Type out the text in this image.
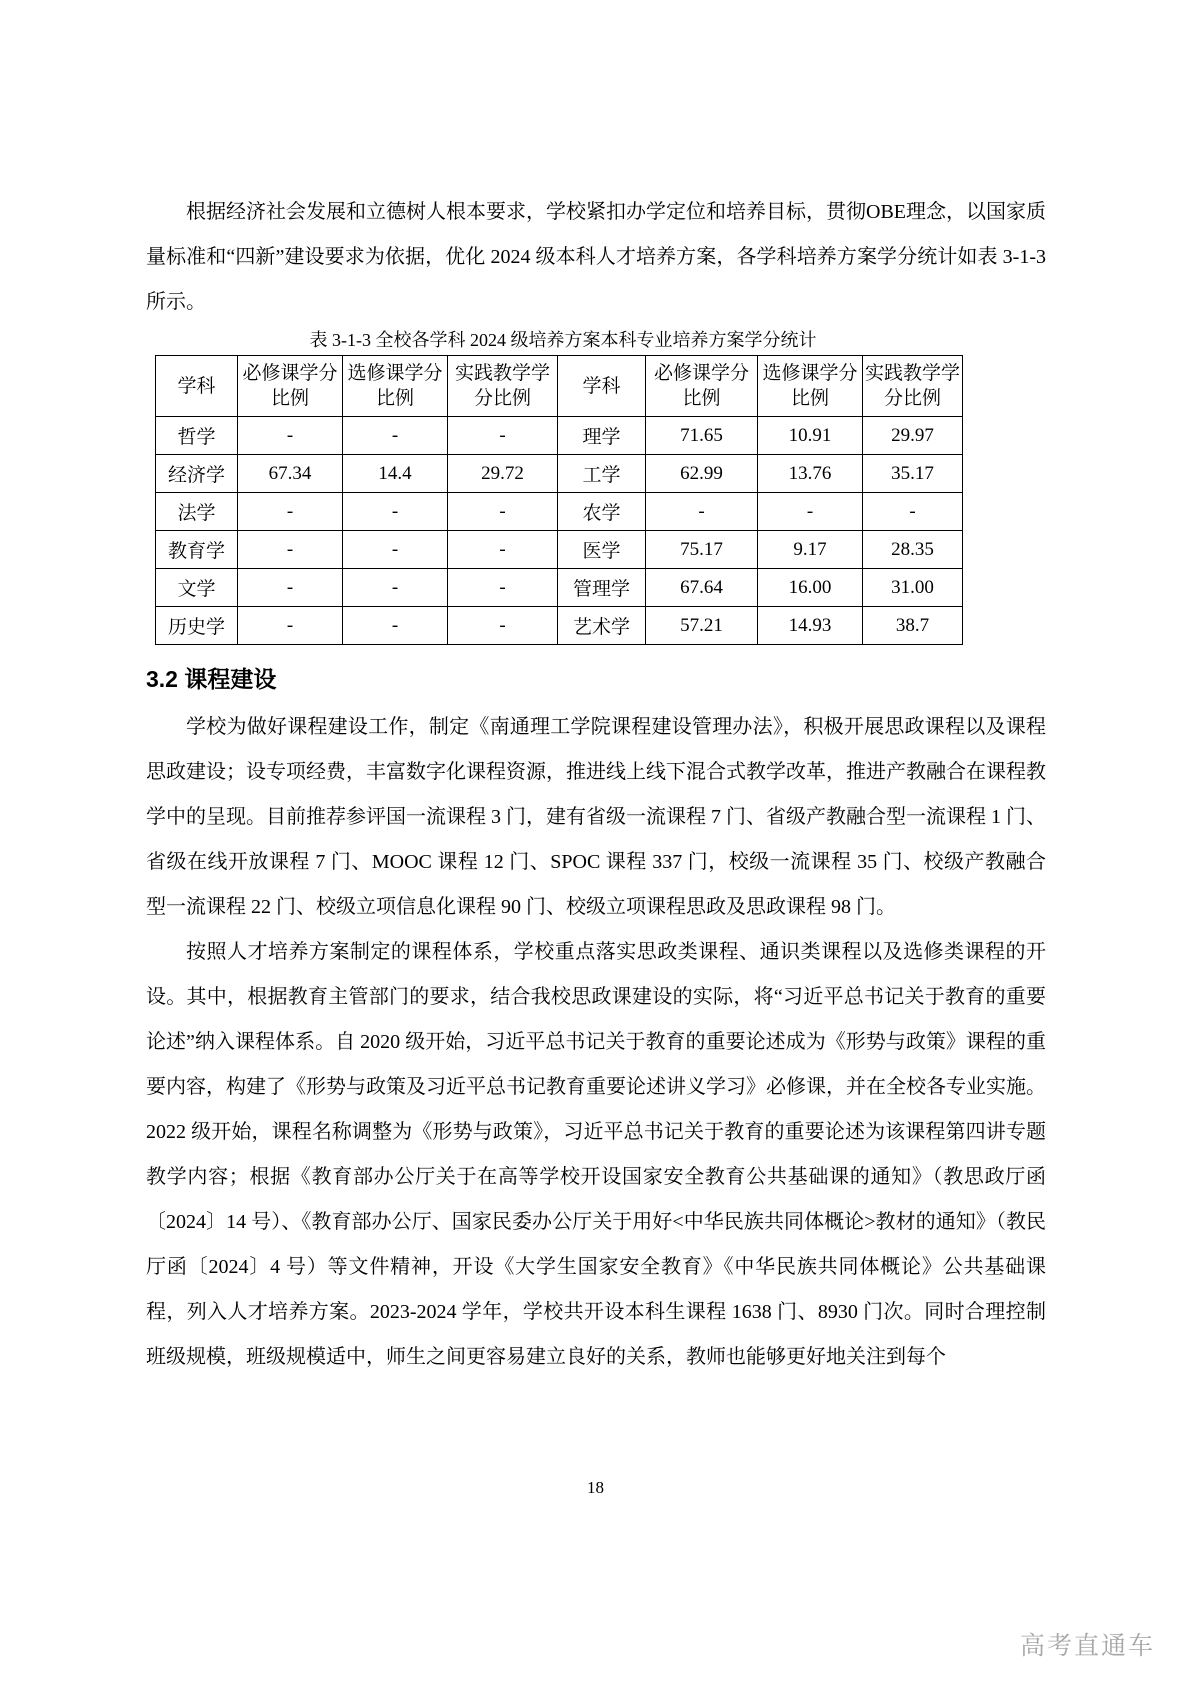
根据经济社会发展和立德树人根本要求，学校紧扣办学定位和培养目标，贯彻OBE理念，以国家质量标准和“四新”建设要求为依据，优化 2024 级本科人才培养方案，各学科培养方案学分统计如表 3-1-3 所示。

表 3-1-3 全校各学科 2024 级培养方案本科专业培养方案学分统计
学科	必修课学分比例	选修课学分比例	实践教学学分比例	学科	必修课学分比例	选修课学分比例	实践教学学分比例
哲学	-	-	-	理学	71.65	10.91	29.97
经济学	67.34	14.4	29.72	工学	62.99	13.76	35.17
法学	-	-	-	农学	-	-	-
教育学	-	-	-	医学	75.17	9.17	28.35
文学	-	-	-	管理学	67.64	16.00	31.00
历史学	-	-	-	艺术学	57.21	14.93	38.7
3.2 课程建设

学校为做好课程建设工作，制定《南通理工学院课程建设管理办法》，积极开展思政课程以及课程思政建设；设专项经费，丰富数字化课程资源，推进线上线下混合式教学改革，推进产教融合在课程教学中的呈现。目前推荐参评国一流课程 3 门，建有省级一流课程 7 门、省级产教融合型一流课程 1 门、省级在线开放课程 7 门、MOOC 课程 12 门、SPOC 课程 337 门，校级一流课程 35 门、校级产教融合型一流课程 22 门、校级立项信息化课程 90 门、校级立项课程思政及思政课程 98 门。

按照人才培养方案制定的课程体系，学校重点落实思政类课程、通识类课程以及选修类课程的开设。其中，根据教育主管部门的要求，结合我校思政课建设的实际，将“习近平总书记关于教育的重要论述”纳入课程体系。自 2020 级开始，习近平总书记关于教育的重要论述成为《形势与政策》课程的重要内容，构建了《形势与政策及习近平总书记教育重要论述讲义学习》必修课，并在全校各专业实施。2022 级开始，课程名称调整为《形势与政策》，习近平总书记关于教育的重要论述为该课程第四讲专题教学内容；根据《教育部办公厅关于在高等学校开设国家安全教育公共基础课的通知》（教思政厅函〔2024〕14 号）、《教育部办公厅、国家民委办公厅关于用好<中华民族共同体概论>教材的通知》（教民厅函〔2024〕4 号）等文件精神，开设《大学生国家安全教育》《中华民族共同体概论》公共基础课程，列入人才培养方案。2023-2024 学年，学校共开设本科生课程 1638 门、8930 门次。同时合理控制班级规模，班级规模适中，师生之间更容易建立良好的关系，教师也能够更好地关注到每个

18
高考直通车
